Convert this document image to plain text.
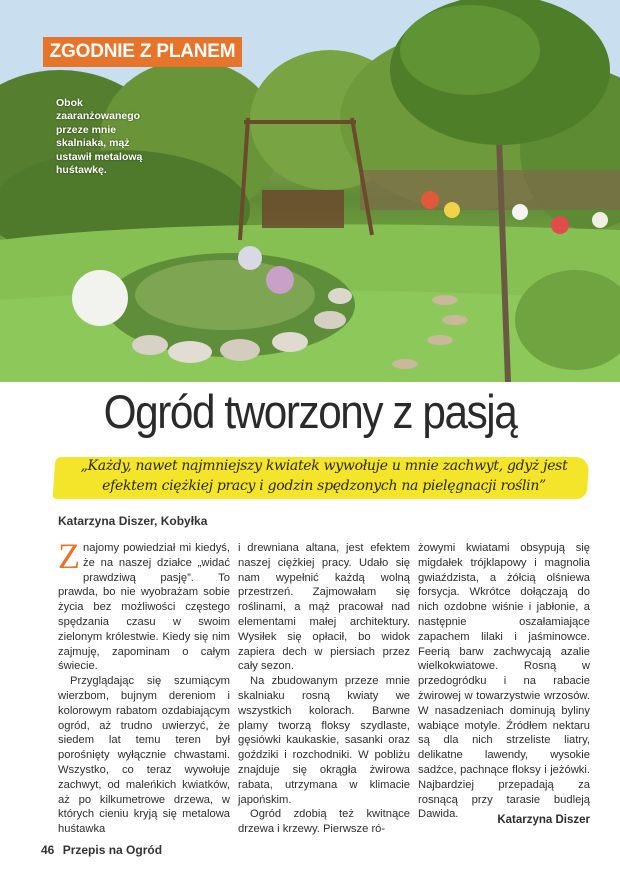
ZGODNIE Z PLANEM
Obok zaaranżowanego przeze mnie skalniaka, mąż ustawił metalową huśtawkę.
Ogród tworzony z pasją
„Każdy, nawet najmniejszy kwiatek wywołuje u mnie zachwyt, gdyż jest efektem ciężkiej pracy i godzin spędzonych na pielęgnacji roślin”
Katarzyna Diszer, Kobyłka

Znajomy powiedział mi kiedyś, że na naszej działce „widać prawdziwą pasję”. To prawda, bo nie wyobrażam sobie życia bez możliwości częstego spędzania czasu w swoim zielonym królestwie. Kiedy się nim zajmuję, zapominam o całym świecie.

Przyglądając się szumiącym wierzbom, bujnym dereniom i kolorowym rabatom ozdabiającym ogród, aż trudno uwierzyć, że siedem lat temu teren był porośnięty wyłącznie chwastami. Wszystko, co teraz wywołuje zachwyt, od maleńkich kwiatków, aż po kilkumetrowe drzewa, w których cieniu kryją się metalowa huśtawka

i drewniana altana, jest efektem naszej ciężkiej pracy. Udało się nam wypełnić każdą wolną przestrzeń. Zajmowałam się roślinami, a mąż pracował nad elementami małej architektury. Wysiłek się opłacił, bo widok zapiera dech w piersiach przez cały sezon.

Na zbudowanym przeze mnie skalniaku rosną kwiaty we wszystkich kolorach. Barwne plamy tworzą floksy szydlaste, gęsiówki kaukaskie, sasanki oraz goździki i rozchodniki. W pobliżu znajduje się okrągła żwirowa rabata, utrzymana w klimacie japońskim.

Ogród zdobią też kwitnące drzewa i krzewy. Pierwsze ró-

żowymi kwiatami obsypują się migdałek trójklapowy i magnolia gwiaździsta, a żółcią olśniewa forsycja. Wkrótce dołączają do nich ozdobne wiśnie i jabłonie, a następnie oszałamiające zapachem lilaki i jaśminowce. Feerią barw zachwycają azalie wielkokwiatowe. Rosną w przedogródku i na rabacie żwirowej w towarzystwie wrzosów. W nasadzeniach dominują byliny wabiące motyle. Źródłem nektaru są dla nich strzeliste liatry, delikatne lawendy, wysokie sadźce, pachnące floksy i jeżówki. Najbardziej przepadają za rosnącą przy tarasie budleją Dawida.	Katarzyna Diszer
46 Przepis na Ogród
